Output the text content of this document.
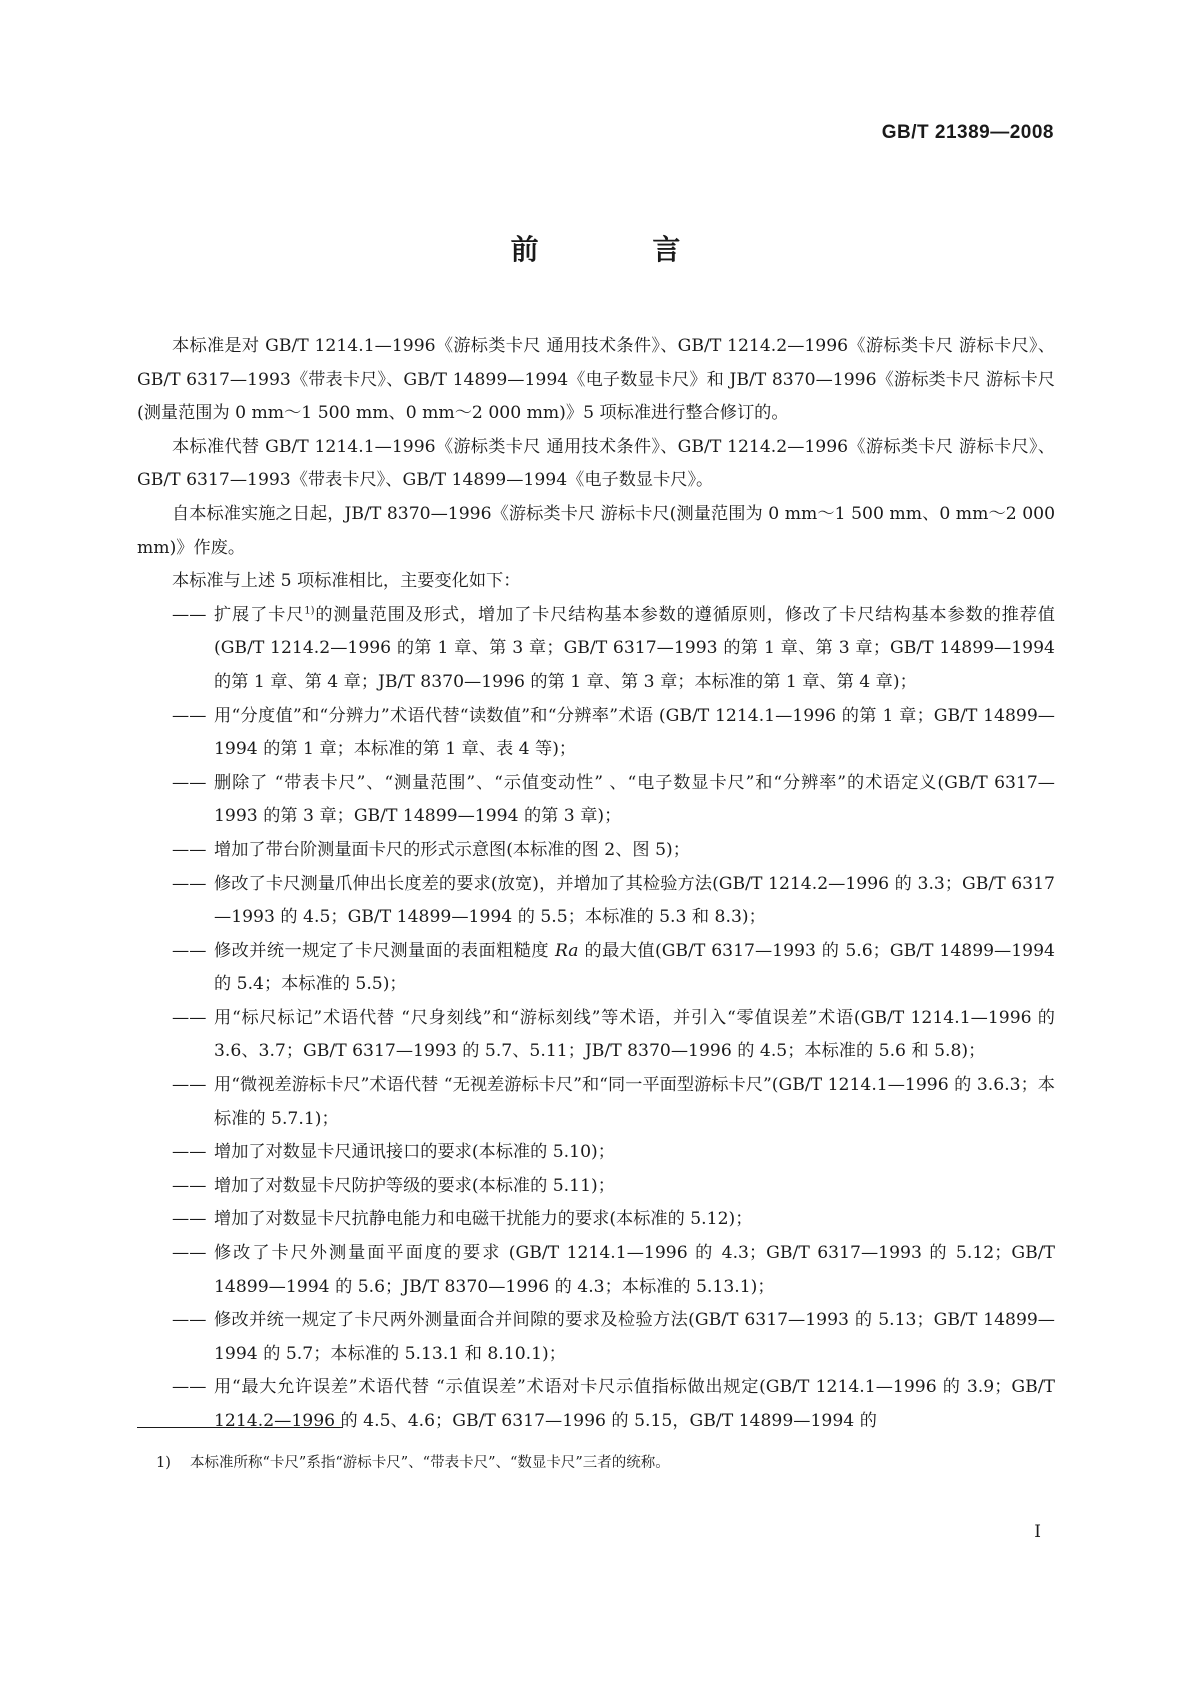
GB/T 21389—2008
前 言

本标准是对 GB/T 1214.1—1996《游标类卡尺 通用技术条件》、GB/T 1214.2—1996《游标类卡尺 游标卡尺》、GB/T 6317—1993《带表卡尺》、GB/T 14899—1994《电子数显卡尺》和 JB/T 8370—1996《游标类卡尺 游标卡尺(测量范围为 0 mm～1 500 mm、0 mm～2 000 mm)》5 项标准进行整合修订的。

本标准代替 GB/T 1214.1—1996《游标类卡尺 通用技术条件》、GB/T 1214.2—1996《游标类卡尺 游标卡尺》、GB/T 6317—1993《带表卡尺》、GB/T 14899—1994《电子数显卡尺》。

自本标准实施之日起，JB/T 8370—1996《游标类卡尺 游标卡尺(测量范围为 0 mm～1 500 mm、0 mm～2 000 mm)》作废。

本标准与上述 5 项标准相比，主要变化如下：

—— 扩展了卡尺$^{1)}$的测量范围及形式，增加了卡尺结构基本参数的遵循原则，修改了卡尺结构基本参数的推荐值(GB/T 1214.2—1996 的第 1 章、第 3 章；GB/T 6317—1993 的第 1 章、第 3 章；GB/T 14899—1994 的第 1 章、第 4 章；JB/T 8370—1996 的第 1 章、第 3 章；本标准的第 1 章、第 4 章)；
—— 用“分度值”和“分辨力”术语代替“读数值”和“分辨率”术语 (GB/T 1214.1—1996 的第 1 章；GB/T 14899—1994 的第 1 章；本标准的第 1 章、表 4 等)；
—— 删除了 “带表卡尺”、“测量范围”、“示值变动性” 、“电子数显卡尺”和“分辨率”的术语定义(GB/T 6317—1993 的第 3 章；GB/T 14899—1994 的第 3 章)；
—— 增加了带台阶测量面卡尺的形式示意图(本标准的图 2、图 5)；
—— 修改了卡尺测量爪伸出长度差的要求(放宽)，并增加了其检验方法(GB/T 1214.2—1996 的 3.3；GB/T 6317—1993 的 4.5；GB/T 14899—1994 的 5.5；本标准的 5.3 和 8.3)；
—— 修改并统一规定了卡尺测量面的表面粗糙度 Ra 的最大值(GB/T 6317—1993 的 5.6；GB/T 14899—1994 的 5.4；本标准的 5.5)；
—— 用“标尺标记”术语代替 “尺身刻线”和“游标刻线”等术语，并引入“零值误差”术语(GB/T 1214.1—1996 的 3.6、3.7；GB/T 6317—1993 的 5.7、5.11；JB/T 8370—1996 的 4.5；本标准的 5.6 和 5.8)；
—— 用“微视差游标卡尺”术语代替 “无视差游标卡尺”和“同一平面型游标卡尺”(GB/T 1214.1—1996 的 3.6.3；本标准的 5.7.1)；
—— 增加了对数显卡尺通讯接口的要求(本标准的 5.10)；
—— 增加了对数显卡尺防护等级的要求(本标准的 5.11)；
—— 增加了对数显卡尺抗静电能力和电磁干扰能力的要求(本标准的 5.12)；
—— 修改了卡尺外测量面平面度的要求 (GB/T 1214.1—1996 的 4.3；GB/T 6317—1993 的 5.12；GB/T 14899—1994 的 5.6；JB/T 8370—1996 的 4.3；本标准的 5.13.1)；
—— 修改并统一规定了卡尺两外测量面合并间隙的要求及检验方法(GB/T 6317—1993 的 5.13；GB/T 14899—1994 的 5.7；本标准的 5.13.1 和 8.10.1)；
—— 用“最大允许误差”术语代替 “示值误差”术语对卡尺示值指标做出规定(GB/T 1214.1—1996 的 3.9；GB/T 1214.2—1996 的 4.5、4.6；GB/T 6317—1996 的 5.15，GB/T 14899—1994 的
1) 本标准所称“卡尺”系指“游标卡尺”、“带表卡尺”、“数显卡尺”三者的统称。
I
